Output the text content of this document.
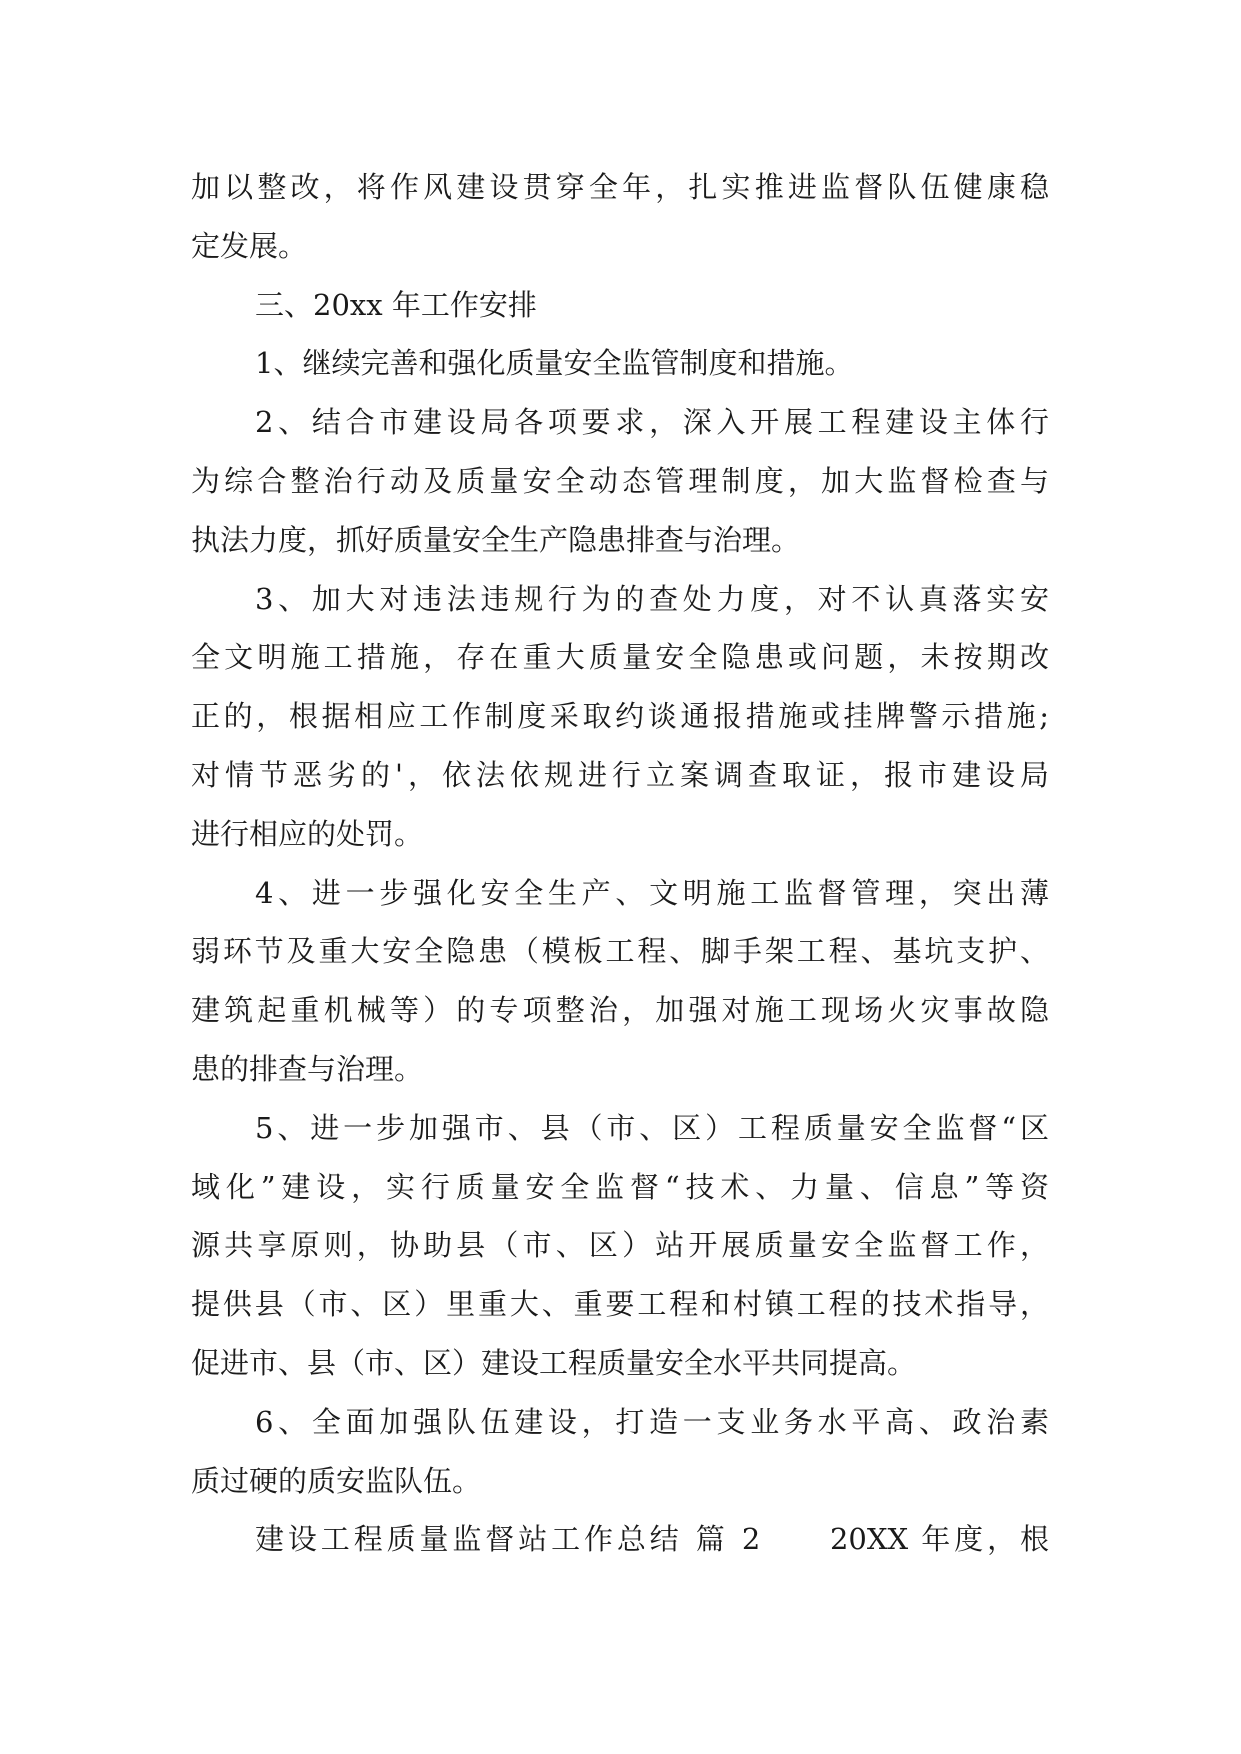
加以整改，将作风建设贯穿全年，扎实推进监督队伍健康稳
定发展。
三、20xx 年工作安排
1、继续完善和强化质量安全监管制度和措施。
2、结合市建设局各项要求，深入开展工程建设主体行
为综合整治行动及质量安全动态管理制度，加大监督检查与
执法力度，抓好质量安全生产隐患排查与治理。
3、加大对违法违规行为的查处力度，对不认真落实安
全文明施工措施，存在重大质量安全隐患或问题，未按期改
正的，根据相应工作制度采取约谈通报措施或挂牌警示措施;
对情节恶劣的'，依法依规进行立案调查取证，报市建设局
进行相应的处罚。
4、进一步强化安全生产、文明施工监督管理，突出薄
弱环节及重大安全隐患（模板工程、脚手架工程、基坑支护、
建筑起重机械等）的专项整治，加强对施工现场火灾事故隐
患的排查与治理。
5、进一步加强市、县（市、区）工程质量安全监督“区
域化”建设，实行质量安全监督“技术、力量、信息”等资
源共享原则，协助县（市、区）站开展质量安全监督工作，
提供县（市、区）里重大、重要工程和村镇工程的技术指导，
促进市、县（市、区）建设工程质量安全水平共同提高。
6、全面加强队伍建设，打造一支业务水平高、政治素
质过硬的质安监队伍。
建设工程质量监督站工作总结 篇 2　　20XX 年度，根
